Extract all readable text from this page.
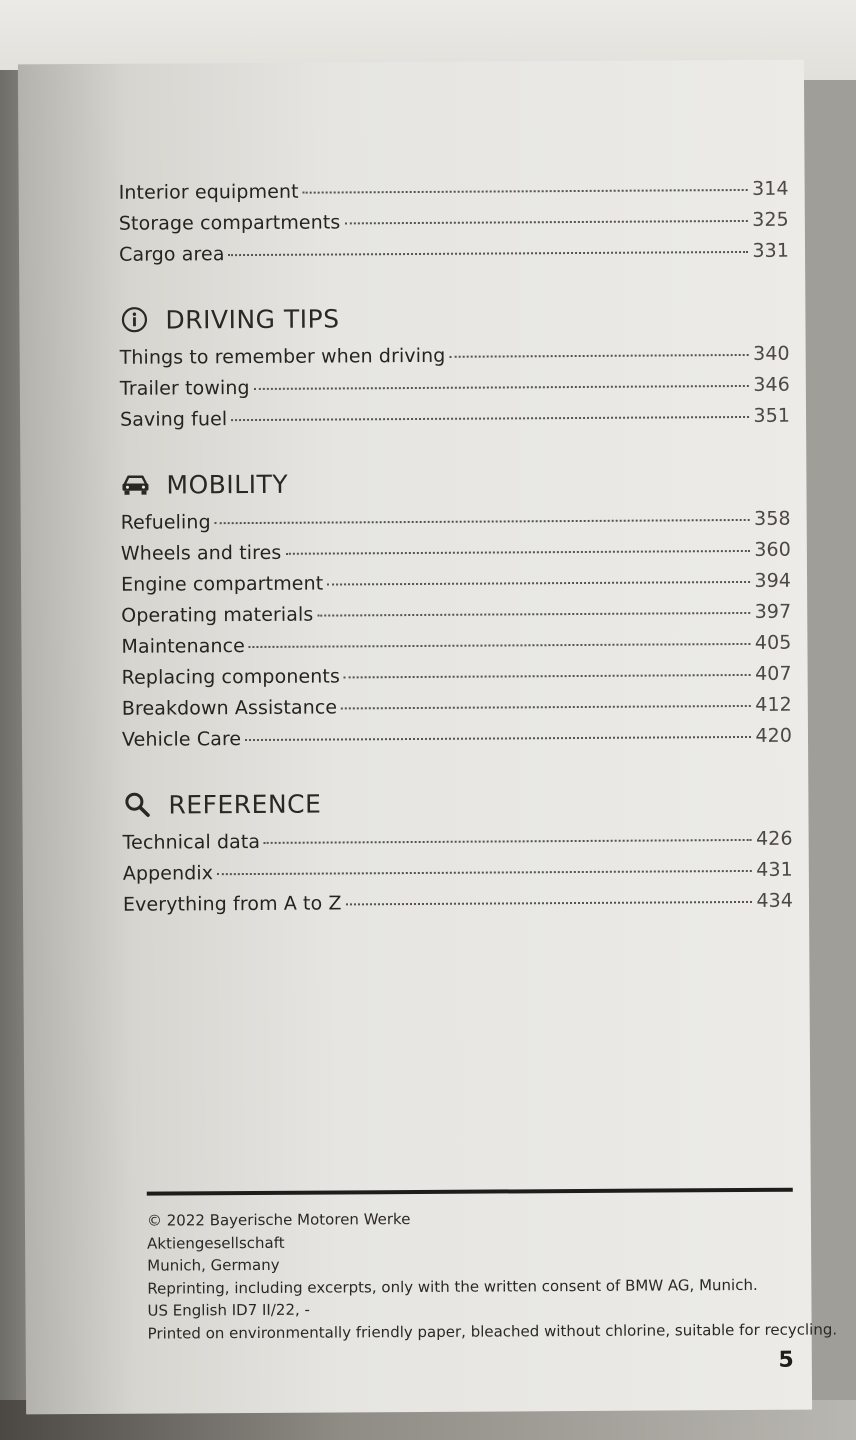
Interior equipment	314
Storage compartments	325
Cargo area	331
DRIVING TIPS
Things to remember when driving	340
Trailer towing	346
Saving fuel	351
MOBILITY
Refueling	358
Wheels and tires	360
Engine compartment	394
Operating materials	397
Maintenance	405
Replacing components	407
Breakdown Assistance	412
Vehicle Care	420
REFERENCE
Technical data	426
Appendix	431
Everything from A to Z	434
© 2022 Bayerische Motoren Werke
Aktiengesellschaft
Munich, Germany
Reprinting, including excerpts, only with the written consent of BMW AG, Munich.
US English ID7 II/22, -
Printed on environmentally friendly paper, bleached without chlorine, suitable for recycling.
5
